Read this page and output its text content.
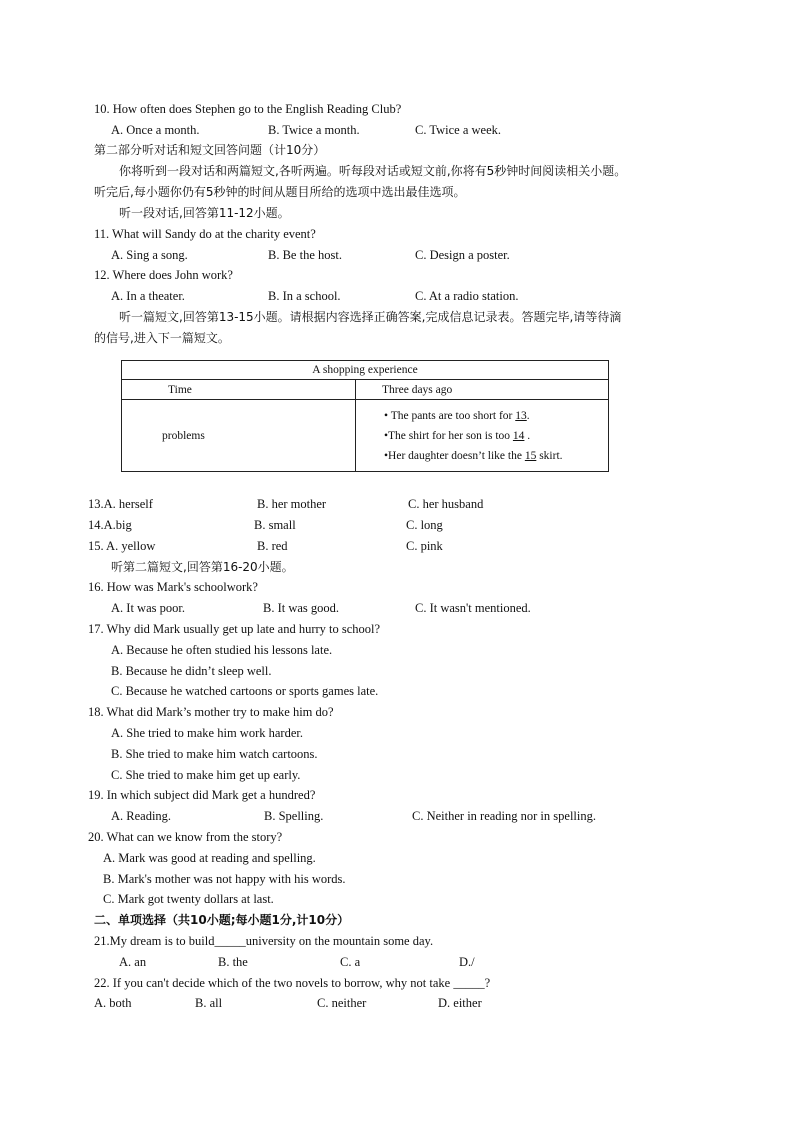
10. How often does Stephen go to the English Reading Club?
A. Once a month.	B. Twice a month.	C. Twice a week.
第二部分听对话和短文回答问题（计10分）
你将听到一段对话和两篇短文,各听两遍。听每段对话或短文前,你将有5秒钟时间阅读相关小题。
听完后,每小题你仍有5秒钟的时间从题目所给的选项中选出最佳选项。
听一段对话,回答第11-12小题。
11. What will Sandy do at the charity event?
A. Sing a song.	B. Be the host.	C. Design a poster.
12. Where does John work?
A. In a theater.	B. In a school.	C. At a radio station.
听一篇短文,回答第13-15小题。请根据内容选择正确答案,完成信息记录表。答题完毕,请等待滴
的信号,进入下一篇短文。
A shopping experience	
Time	Three days ago
problems	• The pants are too short for 13.
•The shirt for her son is too 14 .
•Her daughter doesn’t like the 15 skirt.
13.A. herself	B. her mother	C. her husband
14.A.big	B. small	C. long
15. A. yellow	B. red	C. pink
听第二篇短文,回答第16-20小题。
16. How was Mark's schoolwork?
A. It was poor.	B. It was good.	C. It wasn't mentioned.
17. Why did Mark usually get up late and hurry to school?
A. Because he often studied his lessons late.
B. Because he didn’t sleep well.
C. Because he watched cartoons or sports games late.
18. What did Mark’s mother try to make him do?
A. She tried to make him work harder.
B. She tried to make him watch cartoons.
C. She tried to make him get up early.
19. In which subject did Mark get a hundred?
A. Reading.	B. Spelling.	C. Neither in reading nor in spelling.
20. What can we know from the story?
A. Mark was good at reading and spelling.
B. Mark's mother was not happy with his words.
C. Mark got twenty dollars at last.
二、单项选择（共10小题;每小题1分,计10分）
21.My dream is to build_____university on the mountain some day.
A. an	B. the	C. a	D./
22. If you can't decide which of the two novels to borrow, why not take _____?
A. both	B. all	C. neither	D. either
